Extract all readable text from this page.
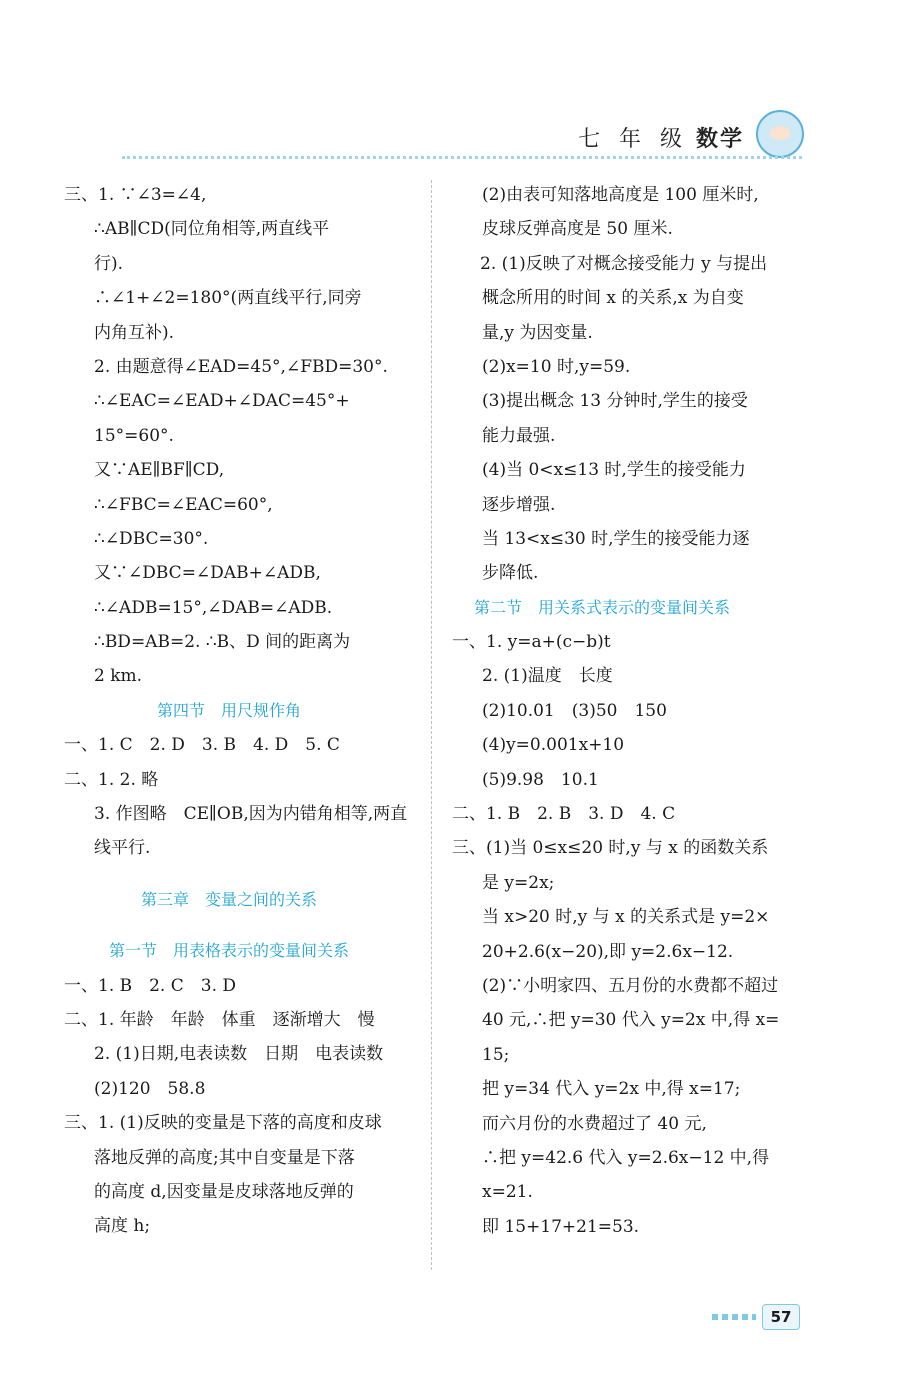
七 年 级 数学
三、1. ∵∠3=∠4,
∴AB∥CD(同位角相等,两直线平
行).
∴∠1+∠2=180°(两直线平行,同旁
内角互补).
2. 由题意得∠EAD=45°,∠FBD=30°.
∴∠EAC=∠EAD+∠DAC=45°+
15°=60°.
又∵AE∥BF∥CD,
∴∠FBC=∠EAC=60°,
∴∠DBC=30°.
又∵∠DBC=∠DAB+∠ADB,
∴∠ADB=15°,∠DAB=∠ADB.
∴BD=AB=2. ∴B、D 间的距离为
2 km.
第四节　用尺规作角
一、1. C　2. D　3. B　4. D　5. C
二、1. 2. 略
3. 作图略　CE∥OB,因为内错角相等,两直
线平行.
第三章　变量之间的关系
第一节　用表格表示的变量间关系
一、1. B　2. C　3. D
二、1. 年龄　年龄　体重　逐渐增大　慢
2. (1)日期,电表读数　日期　电表读数
(2)120　58.8
三、1. (1)反映的变量是下落的高度和皮球
落地反弹的高度;其中自变量是下落
的高度 d,因变量是皮球落地反弹的
高度 h;
(2)由表可知落地高度是 100 厘米时,
皮球反弹高度是 50 厘米.
2. (1)反映了对概念接受能力 y 与提出
概念所用的时间 x 的关系,x 为自变
量,y 为因变量.
(2)x=10 时,y=59.
(3)提出概念 13 分钟时,学生的接受
能力最强.
(4)当 0<x≤13 时,学生的接受能力
逐步增强.
当 13<x≤30 时,学生的接受能力逐
步降低.
第二节　用关系式表示的变量间关系
一、1. y=a+(c−b)t
2. (1)温度　长度
(2)10.01　(3)50　150
(4)y=0.001x+10
(5)9.98　10.1
二、1. B　2. B　3. D　4. C
三、(1)当 0≤x≤20 时,y 与 x 的函数关系
是 y=2x;
当 x>20 时,y 与 x 的关系式是 y=2×
20+2.6(x−20),即 y=2.6x−12.
(2)∵小明家四、五月份的水费都不超过
40 元,∴把 y=30 代入 y=2x 中,得 x=
15;
把 y=34 代入 y=2x 中,得 x=17;
而六月份的水费超过了 40 元,
∴把 y=42.6 代入 y=2.6x−12 中,得
x=21.
即 15+17+21=53.
57
